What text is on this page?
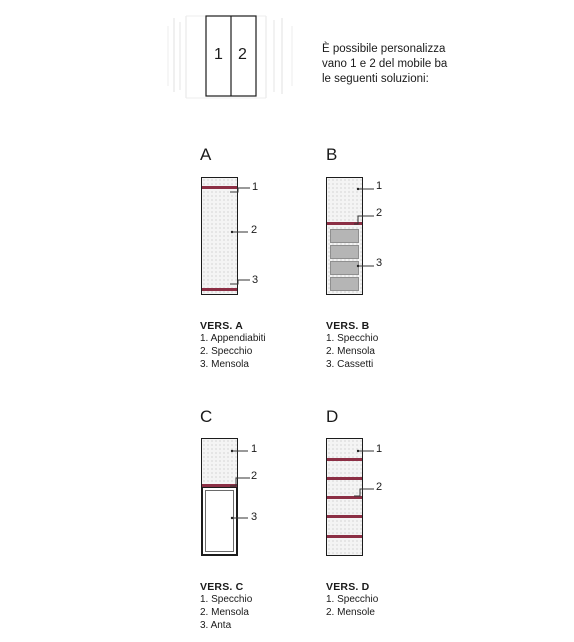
1 2	È possibile personalizza
vano 1 e 2 del mobile ba
le seguenti soluzioni:
A
1
2
3
VERS. A
1. Appendiabiti
2. Specchio
3. Mensola
B
1
2
3
VERS. B
1. Specchio
2. Mensola
3. Cassetti
C
1
2
3
VERS. C
1. Specchio
2. Mensola
3. Anta
D
1
2
VERS. D
1. Specchio
2. Mensole
